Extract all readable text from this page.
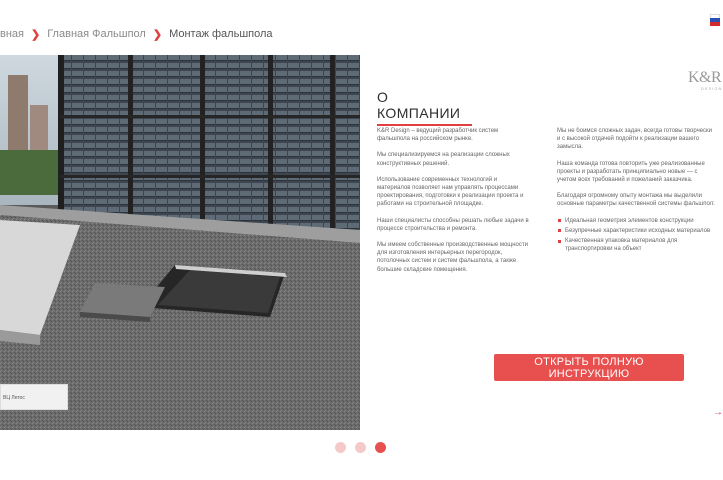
вная ❯ Главная Фальшпол ❯ Монтаж фальшпола
ВЦ Летос
K&R
DESIGN
О КОМПАНИИ

K&R Design – ведущий разработчик систем фальшпола на российском рынке.

Мы специализируемся на реализации сложных конструктивных решений.

Использование современных технологий и материалов позволяет нам управлять процессами проектирования, подготовки к реализации проекта и работами на строительной площадке.

Наши специалисты способны решать любые задачи в процессе строительства и ремонта.

Мы имеем собственные производственные мощности для изготовления интерьерных перегородок, потолочных систем и систем фальшпола, а также большие складские помещения.

Мы не боимся сложных задач, всегда готовы творчески и с высокой отдачей подойти к реализации вашего замысла.

Наша команда готова повторить уже реализованные проекты и разработать принципиально новые — с учетом всех требований и пожеланий заказчика.

Благодаря огромному опыту монтажа мы выделили основные параметры качественной системы фальшпол:

Идеальная геометрия элементов конструкции
Безупречные характеристики исходных материалов
Качественная упаковка материалов для транспортировки на объект
ОТКРЫТЬ ПОЛНУЮ ИНСТРУКЦИЮ
→
